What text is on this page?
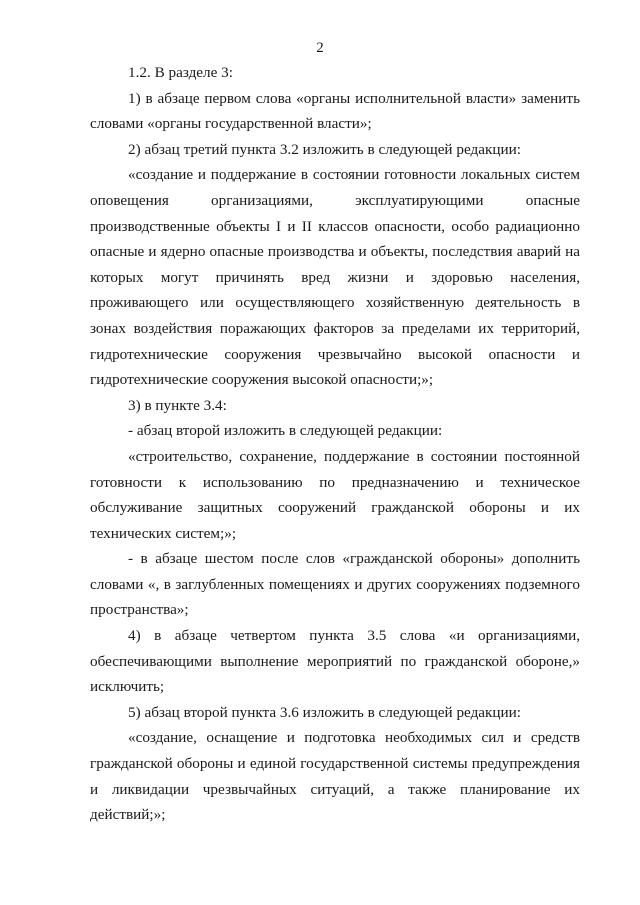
2

1.2. В разделе 3:

1) в абзаце первом слова «органы исполнительной власти» заменить словами «органы государственной власти»;

2) абзац третий пункта 3.2 изложить в следующей редакции:

«создание и поддержание в состоянии готовности локальных систем оповещения организациями, эксплуатирующими опасные производственные объекты I и II классов опасности, особо радиационно опасные и ядерно опасные производства и объекты, последствия аварий на которых могут причинять вред жизни и здоровью населения, проживающего или осуществляющего хозяйственную деятельность в зонах воздействия поражающих факторов за пределами их территорий, гидротехнические сооружения чрезвычайно высокой опасности и гидротехнические сооружения высокой опасности;»;

3) в пункте 3.4:

- абзац второй изложить в следующей редакции:

«строительство, сохранение, поддержание в состоянии постоянной готовности к использованию по предназначению и техническое обслуживание защитных сооружений гражданской обороны и их технических систем;»;

- в абзаце шестом после слов «гражданской обороны» дополнить словами «, в заглубленных помещениях и других сооружениях подземного пространства»;

4) в абзаце четвертом пункта 3.5 слова «и организациями, обеспечивающими выполнение мероприятий по гражданской обороне,» исключить;

5) абзац второй пункта 3.6 изложить в следующей редакции:

«создание, оснащение и подготовка необходимых сил и средств гражданской обороны и единой государственной системы предупреждения и ликвидации чрезвычайных ситуаций, а также планирование их действий;»;
